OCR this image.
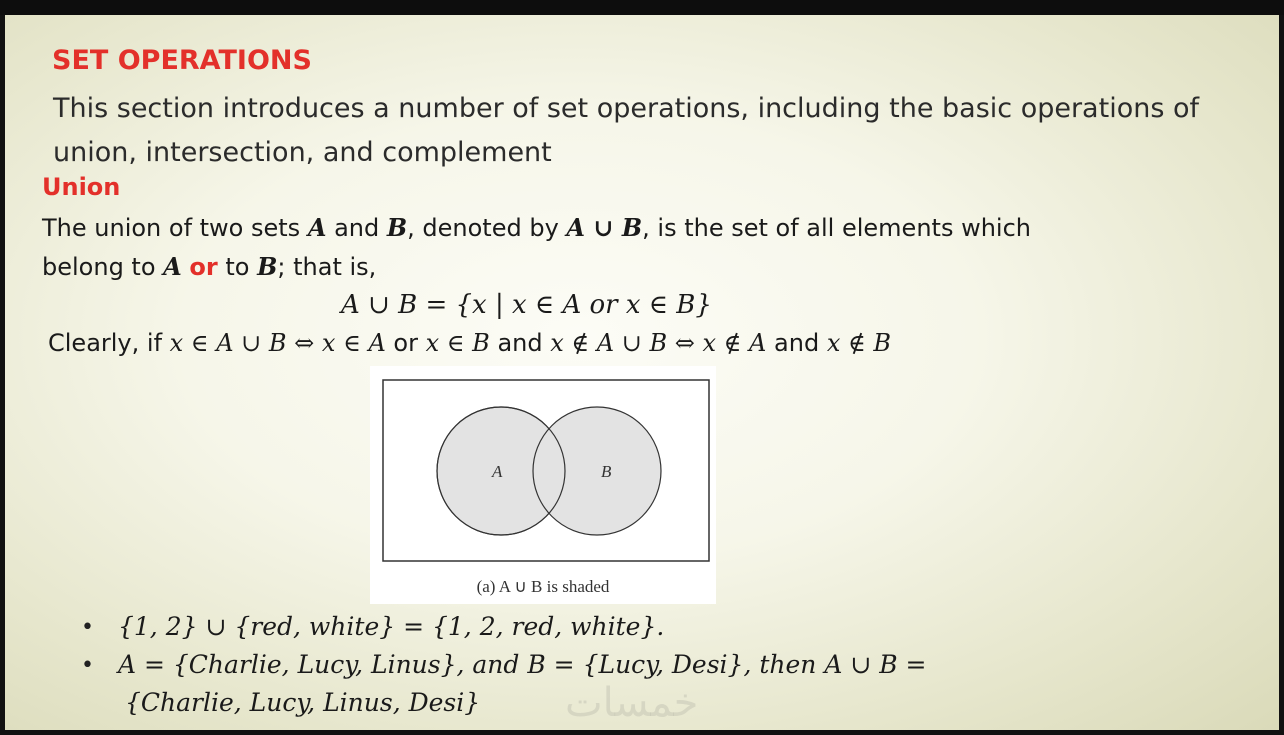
SET OPERATIONS
This section introduces a number of set operations, including the basic operations of union, intersection, and complement
Union
The union of two sets A and B, denoted by A ∪ B, is the set of all elements which
belong to A or to B; that is,
A ∪ B = {x | x ∈ A or x ∈ B}
Clearly, if x ∈ A ∪ B ⇔ x ∈ A or x ∈ B and x ∉ A ∪ B ⇔ x ∉ A and x ∉ B
A	B
(a) A ∪ B is shaded
• {1, 2} ∪ {red, white} = {1, 2, red, white}.
• A = {Charlie, Lucy, Linus}, and B = {Lucy, Desi}, then A ∪ B =
{Charlie, Lucy, Linus, Desi} خمسات
